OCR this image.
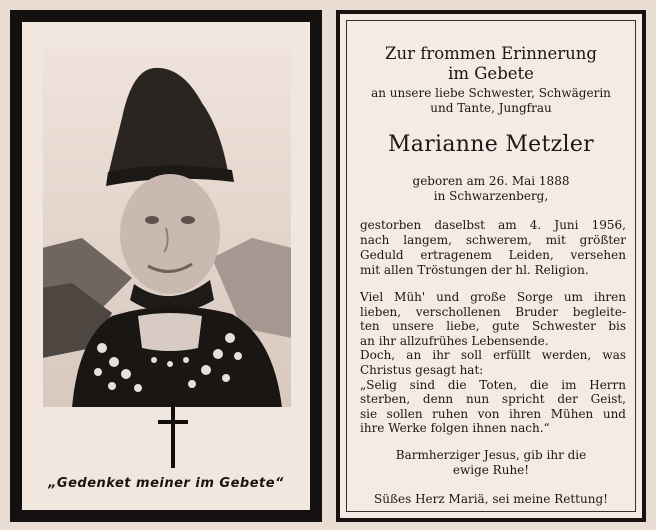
„Gedenket meiner im Gebete“
Zur frommen Erinnerung
im Gebete
an unsere liebe Schwester, Schwägerin
und Tante, Jungfrau
Marianne Metzler
geboren am 26. Mai 1888
in Schwarzenberg,
gestorben daselbst am 4. Juni 1956,
nach langem, schwerem, mit größter
Geduld ertragenem Leiden, versehen
mit allen Tröstungen der hl. Religion.
Viel Müh' und große Sorge um ihren
lieben, verschollenen Bruder begleite-
ten unsere liebe, gute Schwester bis
an ihr allzufrühes Lebensende.
Doch, an ihr soll erfüllt werden, was
Christus gesagt hat:
„Selig sind die Toten, die im Herrn
sterben, denn nun spricht der Geist,
sie sollen ruhen von ihren Mühen und
ihre Werke folgen ihnen nach.“
Barmherziger Jesus, gib ihr die
ewige Ruhe!
Süßes Herz Mariä, sei meine Rettung!
